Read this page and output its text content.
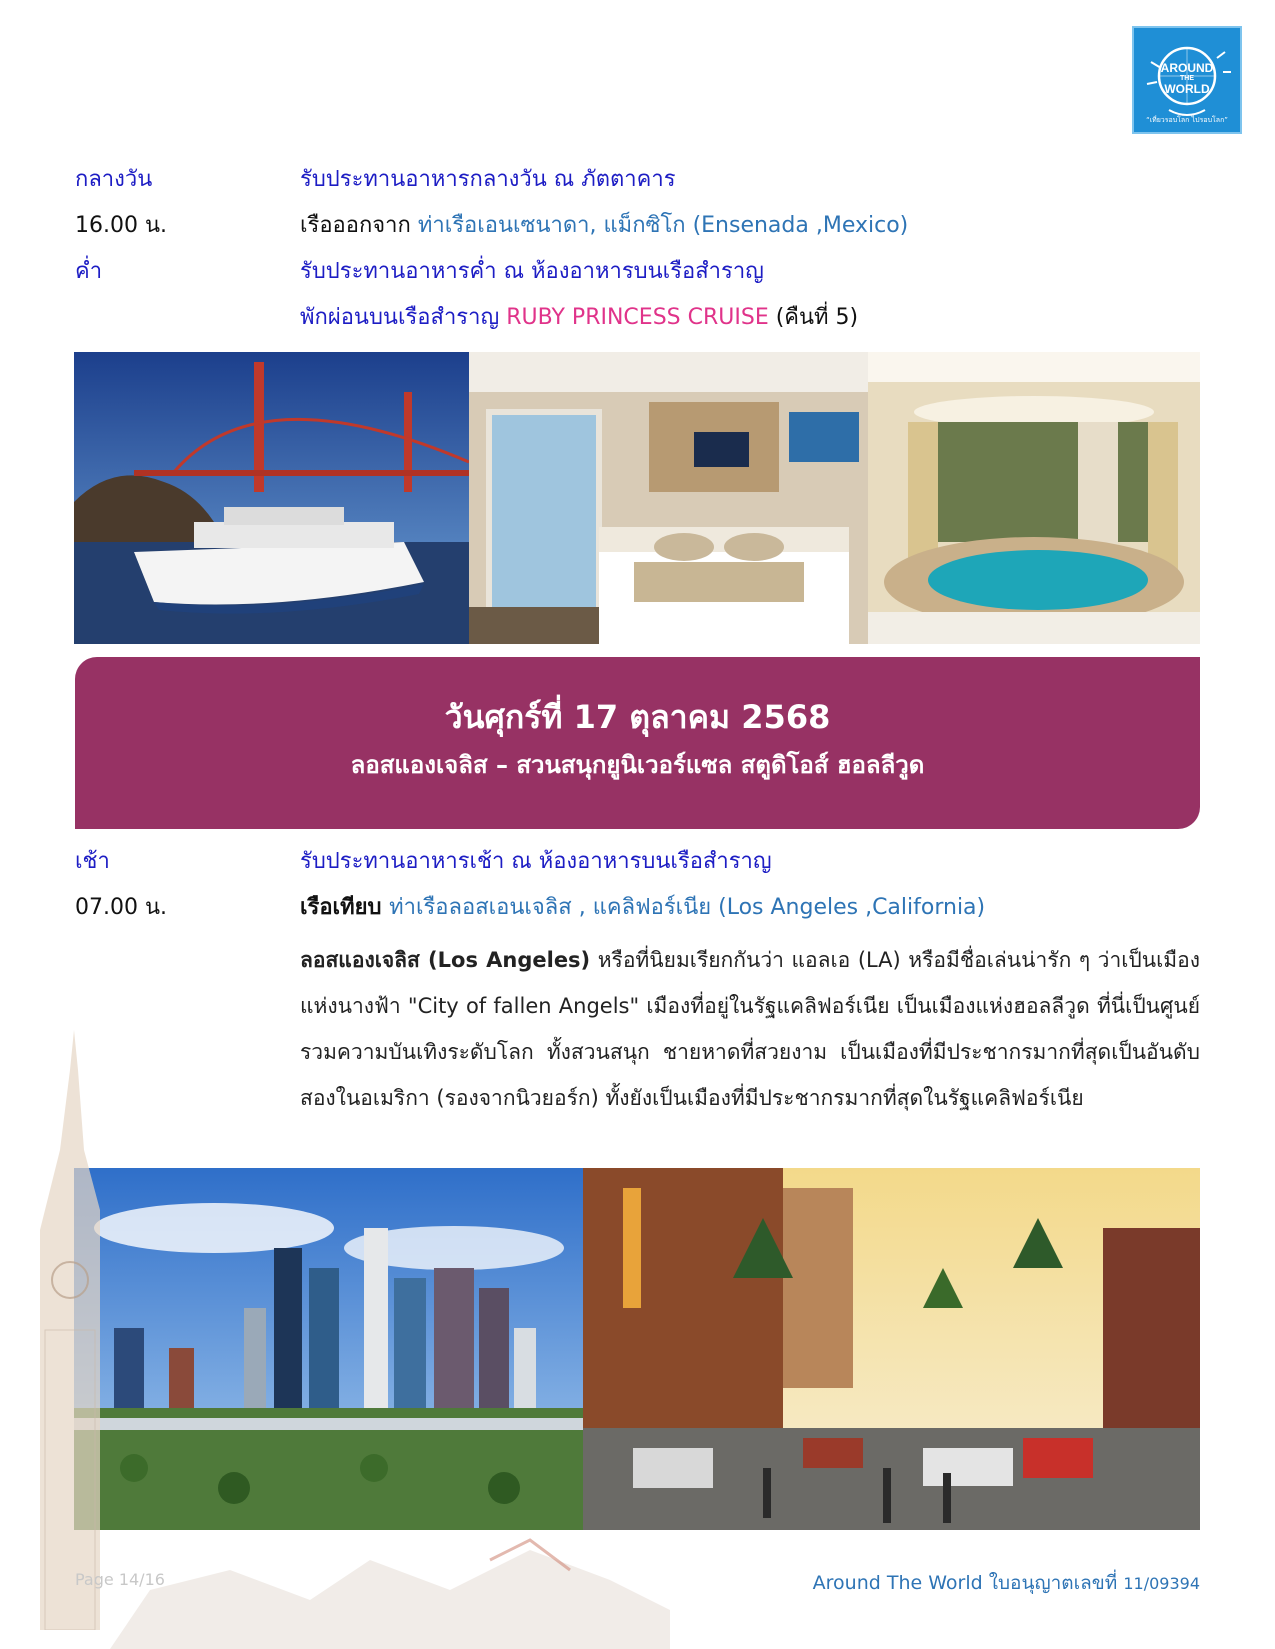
AROUND
THE
WORLD
“เที่ยวรอบโลก ไปรอบโลก”
กลางวัน	รับประทานอาหารกลางวัน ณ ภัตตาคาร
16.00 น.	เรือออกจาก ท่าเรือเอนเซนาดา, แม็กซิโก (Ensenada ,Mexico)
ค่ำ	รับประทานอาหารค่ำ ณ ห้องอาหารบนเรือสำราญ
พักผ่อนบนเรือสำราญ RUBY PRINCESS CRUISE (คืนที่ 5)
วันศุกร์ที่ 17 ตุลาคม 2568
ลอสแองเจลิส – สวนสนุกยูนิเวอร์แซล สตูดิโอส์ ฮอลลีวูด
เช้า	รับประทานอาหารเช้า ณ ห้องอาหารบนเรือสำราญ
07.00 น.	เรือเทียบ ท่าเรือลอสเอนเจลิส , แคลิฟอร์เนีย (Los Angeles ,California)
ลอสแองเจลิส (Los Angeles) หรือที่นิยมเรียกกันว่า แอลเอ (LA) หรือมีชื่อเล่นน่ารัก ๆ ว่าเป็นเมืองแห่งนางฟ้า "City of fallen Angels" เมืองที่อยู่ในรัฐแคลิฟอร์เนีย เป็นเมืองแห่งฮอลลีวูด ที่นี่เป็นศูนย์รวมความบันเทิงระดับโลก ทั้งสวนสนุก ชายหาดที่สวยงาม เป็นเมืองที่มีประชากรมากที่สุดเป็นอันดับสองในอเมริกา (รองจากนิวยอร์ก) ทั้งยังเป็นเมืองที่มีประชากรมากที่สุดในรัฐแคลิฟอร์เนีย
Page 14/16	Around The World ใบอนุญาตเลขที่ 11/09394
